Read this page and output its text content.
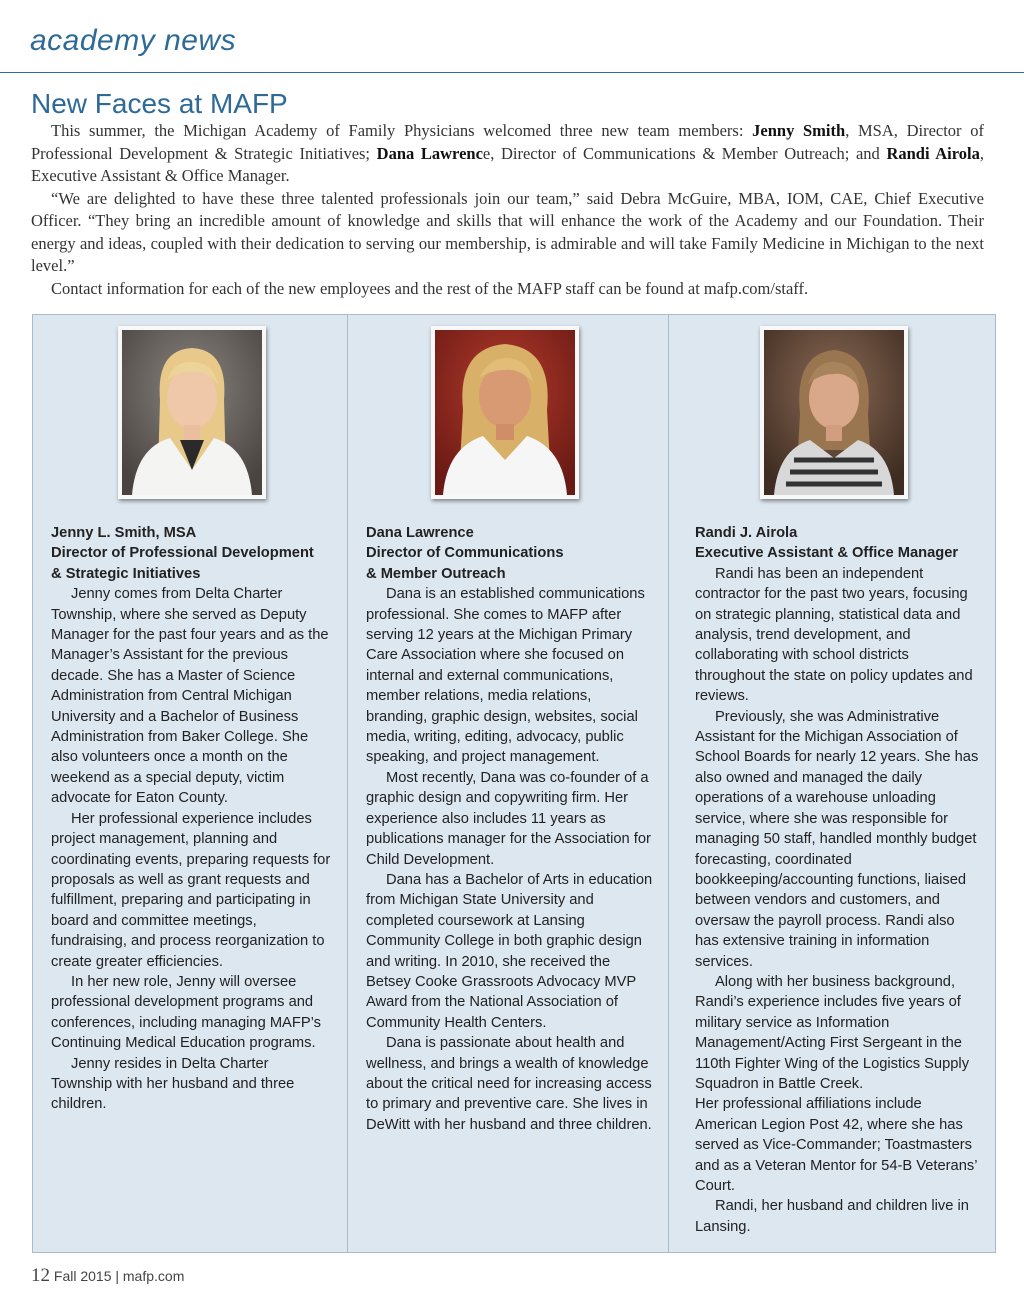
academy news
New Faces at MAFP

This summer, the Michigan Academy of Family Physicians welcomed three new team members: Jenny Smith, MSA, Director of Professional Development & Strategic Initiatives; Dana Lawrence, Director of Communications & Member Outreach; and Randi Airola, Executive Assistant & Office Manager.

“We are delighted to have these three talented professionals join our team,” said Debra McGuire, MBA, IOM, CAE, Chief Executive Officer. “They bring an incredible amount of knowledge and skills that will enhance the work of the Academy and our Foundation. Their energy and ideas, coupled with their dedication to serving our membership, is admirable and will take Family Medicine in Michigan to the next level.”

Contact information for each of the new employees and the rest of the MAFP staff can be found at mafp.com/staff.

Jenny L. Smith, MSA
Director of Professional Development
& Strategic Initiatives

Jenny comes from Delta Charter Township, where she served as Deputy Manager for the past four years and as the Manager’s Assistant for the previous decade. She has a Master of Science Administration from Central Michigan University and a Bachelor of Business Administration from Baker College. She also volunteers once a month on the weekend as a special deputy, victim advocate for Eaton County.

Her professional experience includes project management, planning and coordinating events, preparing requests for proposals as well as grant requests and fulfillment, preparing and participating in board and committee meetings, fundraising, and process reorganization to create greater efficiencies.

In her new role, Jenny will oversee professional development programs and conferences, including managing MAFP’s Continuing Medical Education programs.

Jenny resides in Delta Charter Township with her husband and three children.

Dana Lawrence
Director of Communications
& Member Outreach

Dana is an established communications professional. She comes to MAFP after serving 12 years at the Michigan Primary Care Association where she focused on internal and external communications, member relations, media relations, branding, graphic design, websites, social media, writing, editing, advocacy, public speaking, and project management.

Most recently, Dana was co-founder of a graphic design and copywriting firm. Her experience also includes 11 years as publications manager for the Association for Child Development.

Dana has a Bachelor of Arts in education from Michigan State University and completed coursework at Lansing Community College in both graphic design and writing. In 2010, she received the Betsey Cooke Grassroots Advocacy MVP Award from the National Association of Community Health Centers.

Dana is passionate about health and wellness, and brings a wealth of knowledge about the critical need for increasing access to primary and preventive care. She lives in DeWitt with her husband and three children.

Randi J. Airola
Executive Assistant & Office Manager

Randi has been an independent contractor for the past two years, focusing on strategic planning, statistical data and analysis, trend development, and collaborating with school districts throughout the state on policy updates and reviews.

Previously, she was Administrative Assistant for the Michigan Association of School Boards for nearly 12 years. She has also owned and managed the daily operations of a warehouse unloading service, where she was responsible for managing 50 staff, handled monthly budget forecasting, coordinated bookkeeping/accounting functions, liaised between vendors and customers, and oversaw the payroll process. Randi also has extensive training in information services.

Along with her business background, Randi’s experience includes five years of military service as Information Management/Acting First Sergeant in the 110th Fighter Wing of the Logistics Supply Squadron in Battle Creek.

Her professional affiliations include American Legion Post 42, where she has served as Vice-Commander; Toastmasters and as a Veteran Mentor for 54-B Veterans’ Court.

Randi, her husband and children live in Lansing.

12 Fall 2015 | mafp.com
